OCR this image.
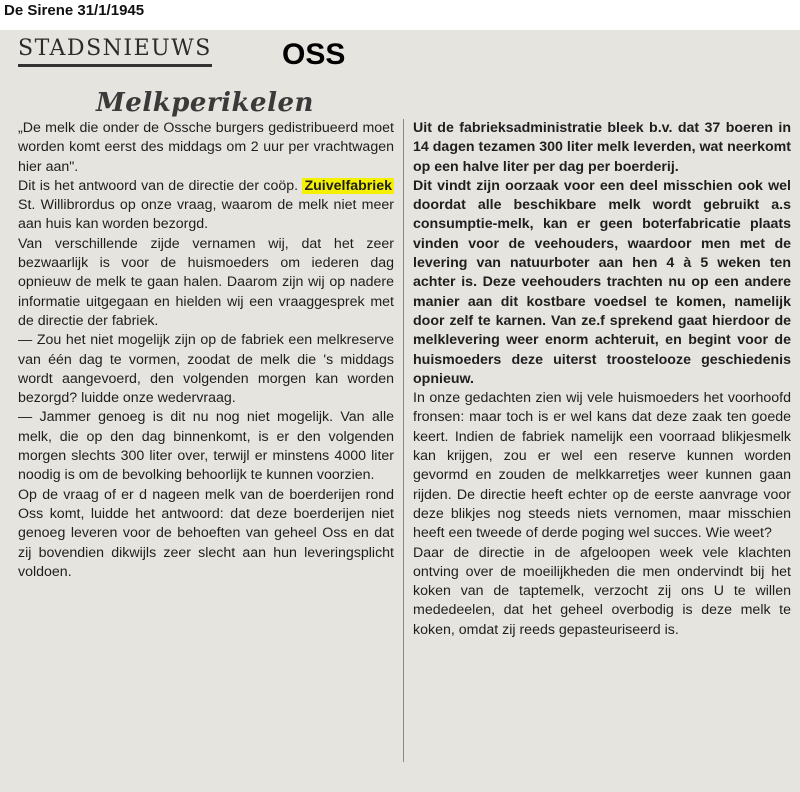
De Sirene 31/1/1945
STADSNIEUWS OSS
Melkperikelen

„De melk die onder de Ossche burgers gedistribueerd moet worden komt eerst des middags om 2 uur per vrachtwagen hier aan".

Dit is het antwoord van de directie der coöp. Zuivelfabriek St. Willibrordus op onze vraag, waarom de melk niet meer aan huis kan worden bezorgd.

Van verschillende zijde vernamen wij, dat het zeer bezwaarlijk is voor de huismoeders om iederen dag opnieuw de melk te gaan halen. Daarom zijn wij op nadere informatie uitgegaan en hielden wij een vraaggesprek met de directie der fabriek.

— Zou het niet mogelijk zijn op de fabriek een melkreserve van één dag te vormen, zoodat de melk die 's middags wordt aangevoerd, den volgenden morgen kan worden bezorgd? luidde onze wedervraag.

— Jammer genoeg is dit nu nog niet mogelijk. Van alle melk, die op den dag binnenkomt, is er den volgenden morgen slechts 300 liter over, terwijl er minstens 4000 liter noodig is om de bevolking behoorlijk te kunnen voorzien.

Op de vraag of er d nageen melk van de boerderijen rond Oss komt, luidde het antwoord: dat deze boerderijen niet genoeg leveren voor de behoeften van geheel Oss en dat zij bovendien dikwijls zeer slecht aan hun leveringsplicht voldoen.

Uit de fabrieksadministratie bleek b.v. dat 37 boeren in 14 dagen tezamen 300 liter melk leverden, wat neerkomt op een halve liter per dag per boerderij.

Dit vindt zijn oorzaak voor een deel misschien ook wel doordat alle beschikbare melk wordt gebruikt a.s consumptie-melk, kan er geen boterfabricatie plaats vinden voor de veehouders, waardoor men met de levering van natuurboter aan hen 4 à 5 weken ten achter is. Deze veehouders trachten nu op een andere manier aan dit kostbare voedsel te komen, namelijk door zelf te karnen. Van ze.f sprekend gaat hierdoor de melklevering weer enorm achteruit, en begint voor de huismoeders deze uiterst troostelooze geschiedenis opnieuw.

In onze gedachten zien wij vele huismoeders het voorhoofd fronsen: maar toch is er wel kans dat deze zaak ten goede keert. Indien de fabriek namelijk een voorraad blikjesmelk kan krijgen, zou er wel een reserve kunnen worden gevormd en zouden de melkkarretjes weer kunnen gaan rijden. De directie heeft echter op de eerste aanvrage voor deze blikjes nog steeds niets vernomen, maar misschien heeft een tweede of derde poging wel succes. Wie weet?

Daar de directie in de afgeloopen week vele klachten ontving over de moeilijkheden die men ondervindt bij het koken van de taptemelk, verzocht zij ons U te willen mededeelen, dat het geheel overbodig is deze melk te koken, omdat zij reeds gepasteuriseerd is.
